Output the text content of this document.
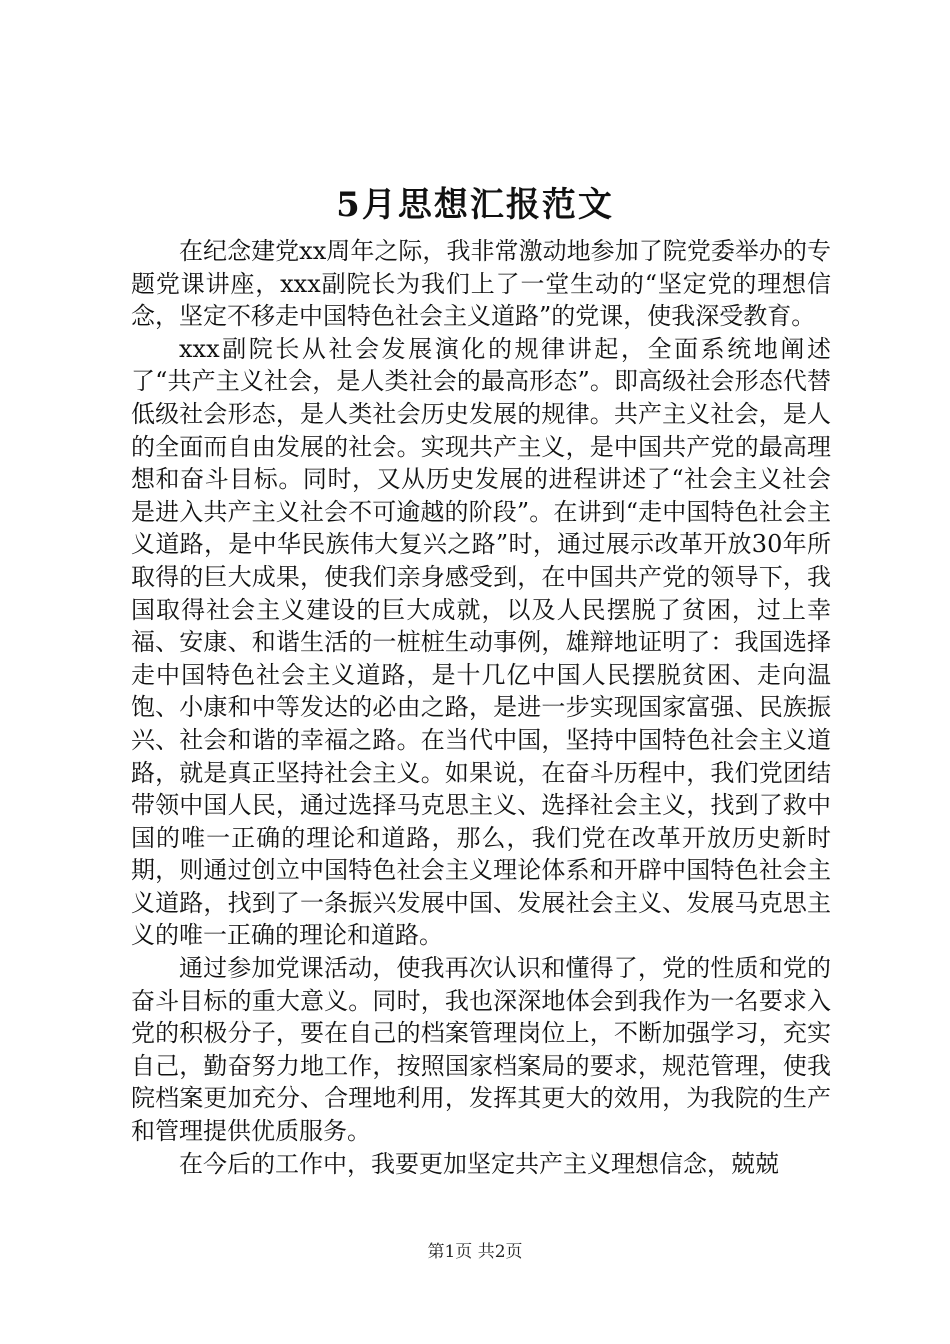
5月思想汇报范文

在纪念建党xx周年之际，我非常激动地参加了院党委举办的专题党课讲座，xxx副院长为我们上了一堂生动的“坚定党的理想信念，坚定不移走中国特色社会主义道路”的党课，使我深受教育。

xxx副院长从社会发展演化的规律讲起，全面系统地阐述了“共产主义社会，是人类社会的最高形态”。即高级社会形态代替低级社会形态，是人类社会历史发展的规律。共产主义社会，是人的全面而自由发展的社会。实现共产主义，是中国共产党的最高理想和奋斗目标。同时，又从历史发展的进程讲述了“社会主义社会是进入共产主义社会不可逾越的阶段”。在讲到“走中国特色社会主义道路，是中华民族伟大复兴之路”时，通过展示改革开放30年所取得的巨大成果，使我们亲身感受到，在中国共产党的领导下，我国取得社会主义建设的巨大成就，以及人民摆脱了贫困，过上幸福、安康、和谐生活的一桩桩生动事例，雄辩地证明了：我国选择走中国特色社会主义道路，是十几亿中国人民摆脱贫困、走向温饱、小康和中等发达的必由之路，是进一步实现国家富强、民族振兴、社会和谐的幸福之路。在当代中国，坚持中国特色社会主义道路，就是真正坚持社会主义。如果说，在奋斗历程中，我们党团结带领中国人民，通过选择马克思主义、选择社会主义，找到了救中国的唯一正确的理论和道路，那么，我们党在改革开放历史新时期，则通过创立中国特色社会主义理论体系和开辟中国特色社会主义道路，找到了一条振兴发展中国、发展社会主义、发展马克思主义的唯一正确的理论和道路。

通过参加党课活动，使我再次认识和懂得了，党的性质和党的奋斗目标的重大意义。同时，我也深深地体会到我作为一名要求入党的积极分子，要在自己的档案管理岗位上，不断加强学习，充实自己，勤奋努力地工作，按照国家档案局的要求，规范管理，使我院档案更加充分、合理地利用，发挥其更大的效用，为我院的生产和管理提供优质服务。

在今后的工作中，我要更加坚定共产主义理想信念，兢兢

第1页 共2页
